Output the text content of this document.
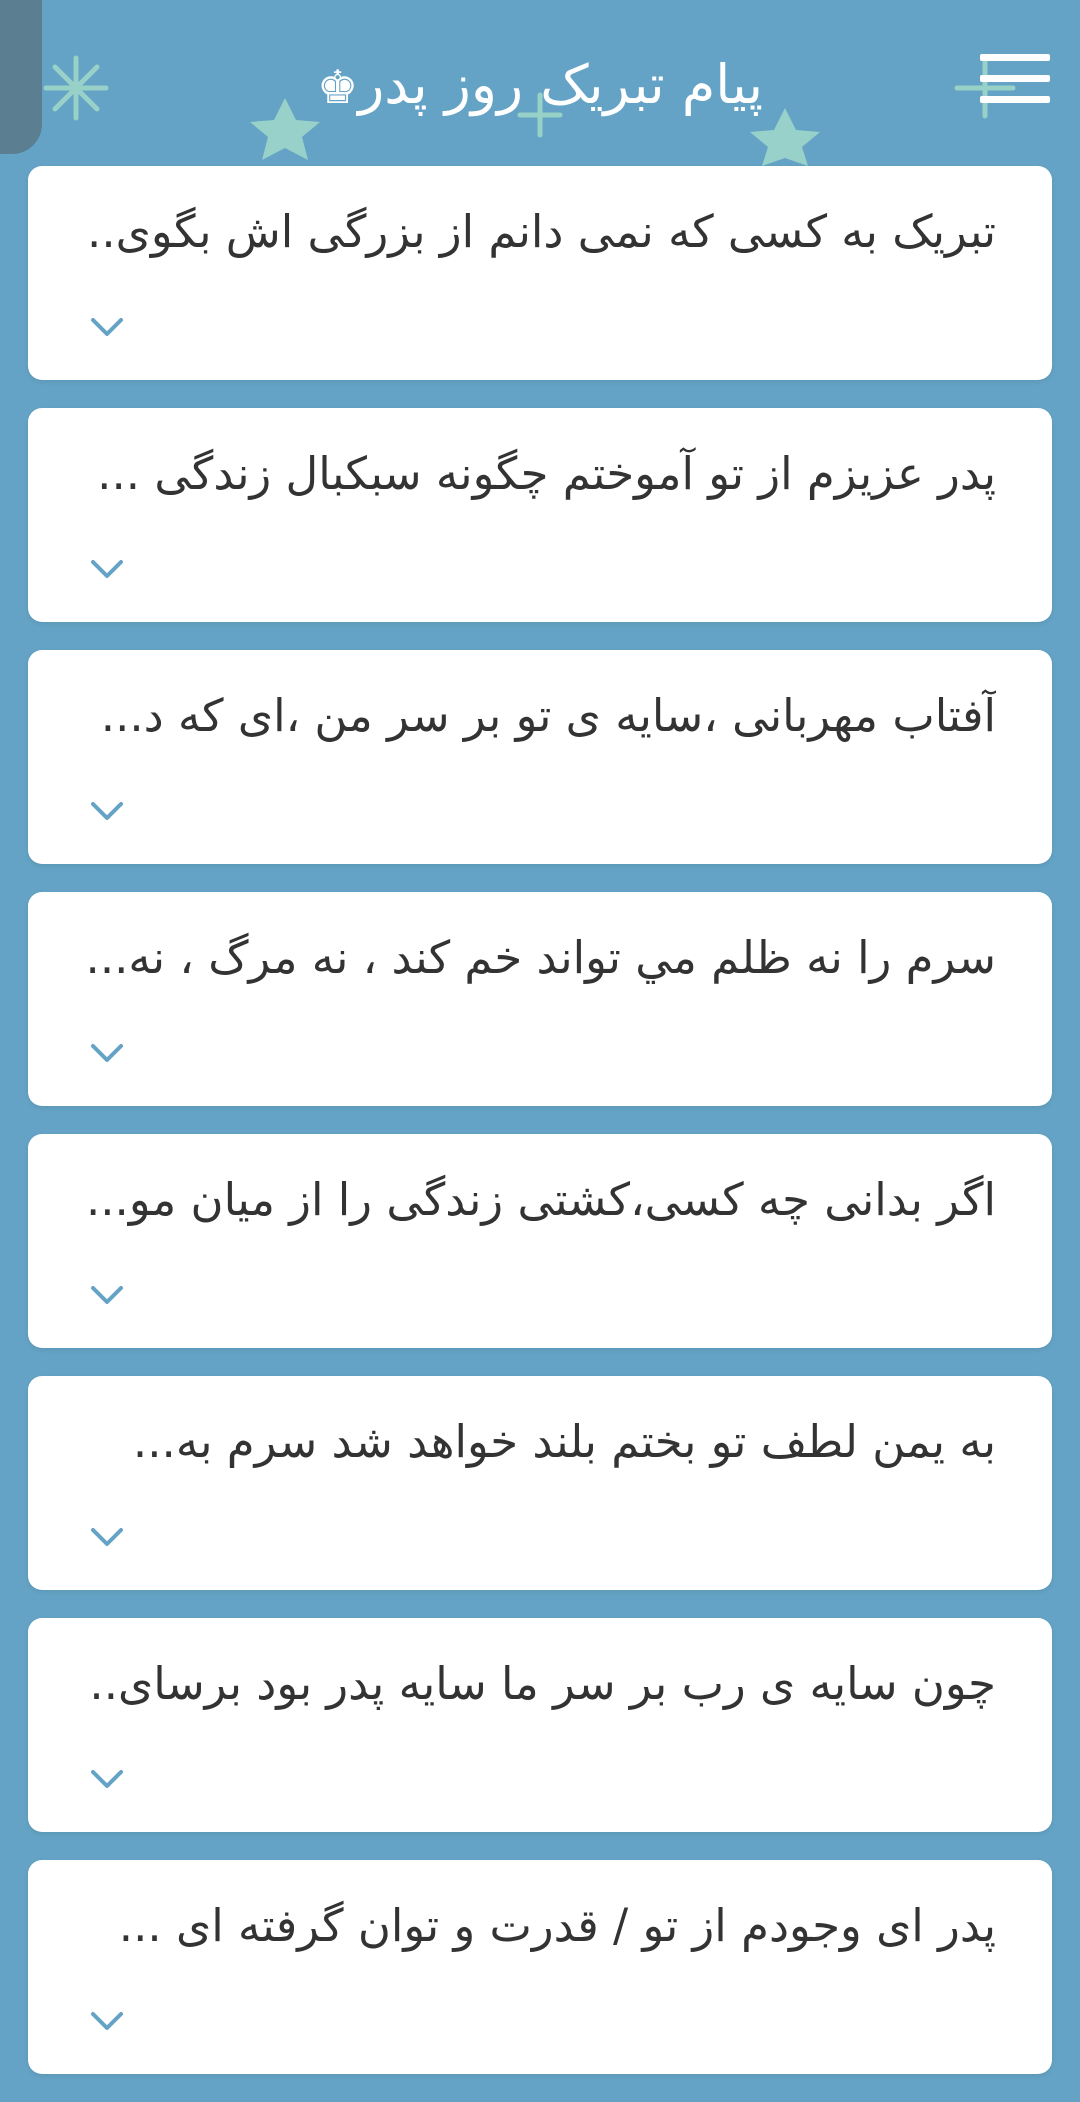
پیام تبریک روز پدر♚
تبریک به کسی که نمی دانم از بزرگی اش بگوی..
پدر عزیزم از تو آموختم چگونه سبکبال زندگی ...
آفتاب مهربانی ،سایه ی تو بر سر من ،ای که د...
سرم را نه ظلم مي تواند خم كند ، نه مرگ ، نه...
اگر بدانی چه کسی،کشتی زندگی را از میان مو...
به یمن لطف تو بختم بلند خواهد شد سرم به...
چون سایه ی رب بر سر ما سایه پدر بود برسای..
پدر ای وجودم از تو / قدرت و توان گرفته ای ...
